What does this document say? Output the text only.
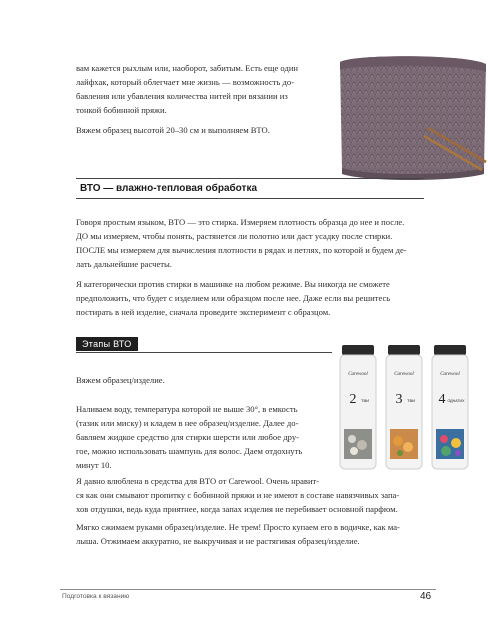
вам кажется рыхлым или, наоборот, забитым. Есть еще один
лайфхак, который облегчает мне жизнь — возможность до-
бавления или убавления количества нитей при вязании из
тонкой бобинной пряжи.

Вяжем образец высотой 20–30 см и выполняем ВТО.

ВТО — влажно-тепловая обработка

Говоря простым языком, ВТО — это стирка. Измеряем плотность образца до нее и после.
ДО мы измеряем, чтобы понять, растянется ли полотно или даст усадку после стирки.
ПОСЛЕ мы измеряем для вычисления плотности в рядах и петлях, по которой и будем де-
лать дальнейшие расчеты.

Я категорически против стирки в машинке на любом режиме. Вы никогда не сможете
предположить, что будет с изделием или образцом после нее. Даже если вы решитесь
постирать в ней изделие, сначала проведите эксперимент с образцом.

Этапы ВТО

Вяжем образец/изделие.

Наливаем воду, температура которой не выше 30°, в емкость
(тазик или миску) и кладем в нее образец/изделие. Далее до-
бавляем жидкое средство для стирки шерсти или любое дру-
гое, можно использовать шампунь для волос. Даем отдохнуть
минут 10.

Я давно влюблена в средства для ВТО от Carewool. Очень нравит-
ся как они смывают пропитку с бобинной пряжи и не имеют в составе навязчивых запа-
хов отдушки, ведь куда приятнее, когда запах изделия не перебивает основной парфюм.

Мягко сжимаем руками образец/изделие. Не трем! Просто купаем его в водичке, как ма-
лыша. Отжимаем аккуратно, не выкручивая и не растягивая образец/изделие.

Carewool
2 ТВИ
Carewool
3 ТВИ
Carewool
4 ОДНАТИХ
Подготовка к вязанию	46
